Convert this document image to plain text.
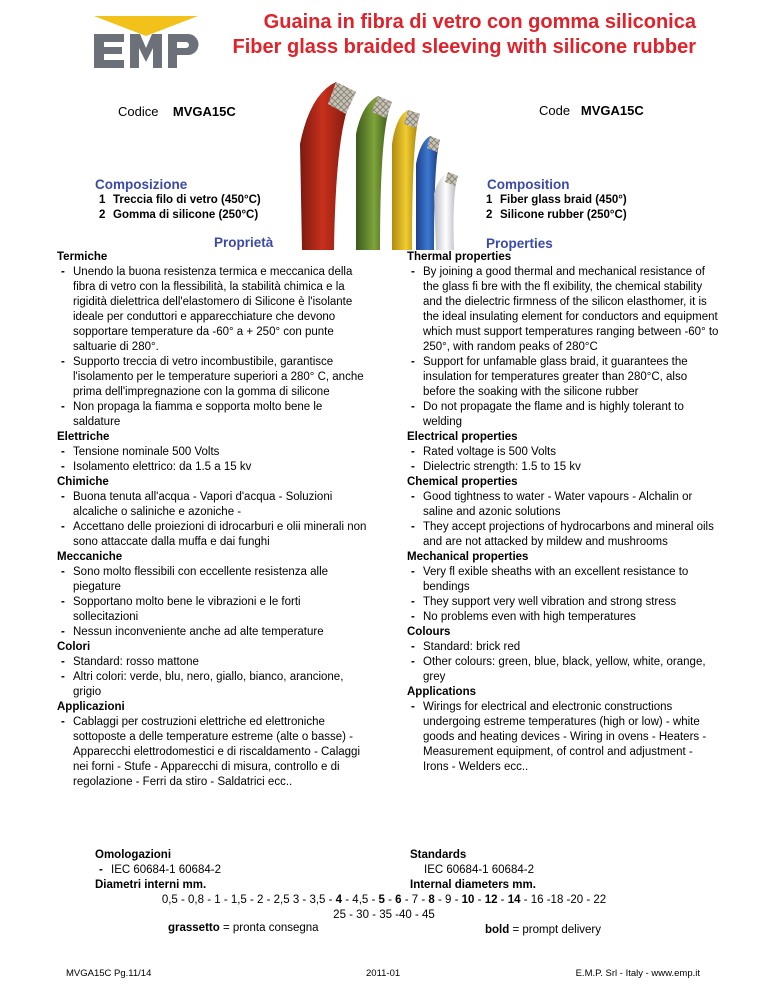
Guaina in fibra di vetro con gomma siliconica
Fiber glass braided sleeving with silicone rubber
Codice MVGA15C	Code MVGA15C
Composizione
1 Treccia filo di vetro (450°C)
2 Gomma di silicone (250°C)
Composition
1 Fiber glass braid (450°)
2 Silicone rubber (250°C)
Proprietà	Properties
Termiche
- Unendo la buona resistenza termica e meccanica della fibra di vetro con la flessibilità, la stabilità chimica e la rigidità dielettrica dell'elastomero di Silicone è l'isolante ideale per conduttori e apparecchiature che devono sopportare temperature da -60° a + 250° con punte saltuarie di 280°.
- Supporto treccia di vetro incombustibile, garantisce l'isolamento per le temperature superiori a 280° C, anche prima dell'impregnazione con la gomma di silicone
- Non propaga la fiamma e sopporta molto bene le saldature
Elettriche
- Tensione nominale 500 Volts
- Isolamento elettrico: da 1.5 a 15 kv
Chimiche
- Buona tenuta all'acqua - Vapori d'acqua - Soluzioni alcaliche o saliniche e azoniche -
- Accettano delle proiezioni di idrocarburi e olii minerali non sono attaccate dalla muffa e dai funghi
Meccaniche
- Sono molto flessibili con eccellente resistenza alle piegature
- Sopportano molto bene le vibrazioni e le forti sollecitazioni
- Nessun inconveniente anche ad alte temperature
Colori
- Standard: rosso mattone
- Altri colori: verde, blu, nero, giallo, bianco, arancione, grigio
Applicazioni
- Cablaggi per costruzioni elettriche ed elettroniche sottoposte a delle temperature estreme (alte o basse) - Apparecchi elettrodomestici e di riscaldamento - Calaggi nei forni - Stufe - Apparecchi di misura, controllo e di regolazione - Ferri da stiro - Saldatrici ecc..
Thermal properties
- By joining a good thermal and mechanical resistance of the glass fi bre with the fl exibility, the chemical stability and the dielectric firmness of the silicon elasthomer, it is the ideal insulating element for conductors and equipment which must support temperatures ranging between -60° to 250°, with random peaks of 280°C
- Support for unfamable glass braid, it guarantees the insulation for temperatures greater than 280°C, also before the soaking with the silicone rubber
- Do not propagate the flame and is highly tolerant to welding
Electrical properties
- Rated voltage is 500 Volts
- Dielectric strength: 1.5 to 15 kv
Chemical properties
- Good tightness to water - Water vapours - Alchalin or saline and azonic solutions
- They accept projections of hydrocarbons and mineral oils and are not attacked by mildew and mushrooms
Mechanical properties
- Very fl exible sheaths with an excellent resistance to bendings
- They support very well vibration and strong stress
- No problems even with high temperatures
Colours
- Standard: brick red
- Other colours: green, blue, black, yellow, white, orange, grey
Applications
- Wirings for electrical and electronic constructions undergoing estreme temperatures (high or low) - white goods and heating devices - Wiring in ovens - Heaters - Measurement equipment, of control and adjustment - Irons - Welders ecc..
Omologazioni
- IEC 60684-1 60684-2
Standards
IEC 60684-1 60684-2
Diametri interni mm.	Internal diameters mm.
0,5 - 0,8 - 1 - 1,5 - 2 - 2,5 3 - 3,5 - 4 - 4,5 - 5 - 6 - 7 - 8 - 9 - 10 - 12 - 14 - 16 -18 -20 - 22
25 - 30 - 35 -40 - 45
grassetto = pronta consegna	bold = prompt delivery
MVGA15C Pg.11/14	2011-01	E.M.P. Srl - Italy - www.emp.it
